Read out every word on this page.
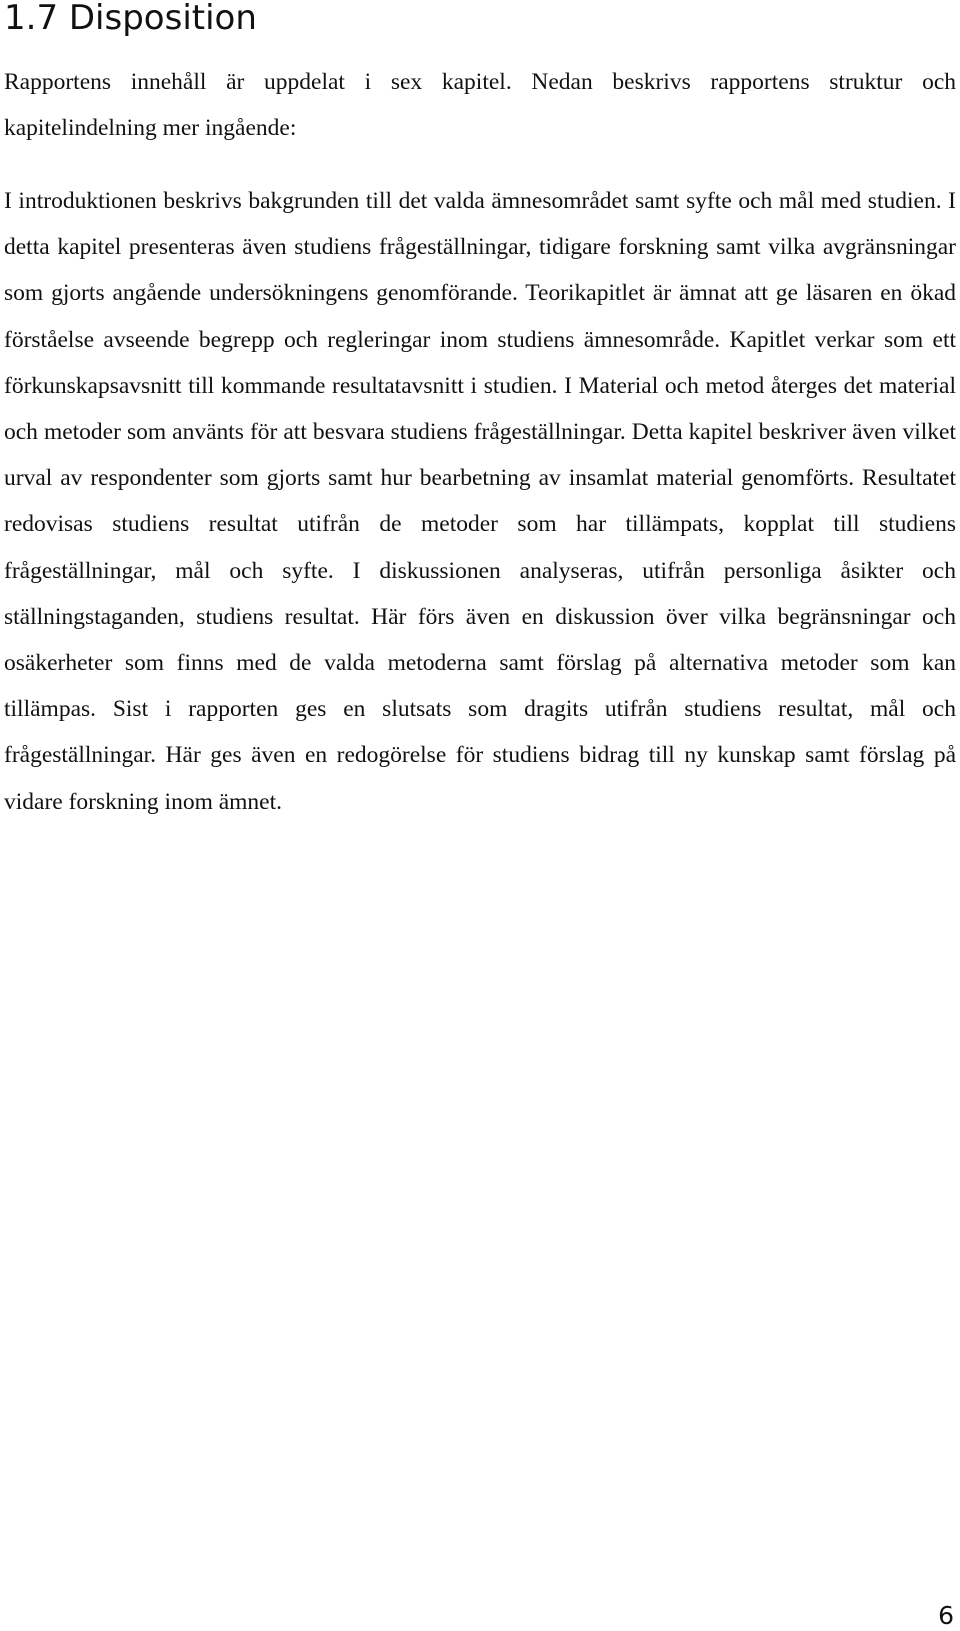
1.7 Disposition

Rapportens innehåll är uppdelat i sex kapitel. Nedan beskrivs rapportens struktur och kapitelindelning mer ingående:

I introduktionen beskrivs bakgrunden till det valda ämnesområdet samt syfte och mål med studien. I detta kapitel presenteras även studiens frågeställningar, tidigare forskning samt vilka avgränsningar som gjorts angående undersökningens genomförande. Teorikapitlet är ämnat att ge läsaren en ökad förståelse avseende begrepp och regleringar inom studiens ämnesområde. Kapitlet verkar som ett förkunskapsavsnitt till kommande resultatavsnitt i studien. I Material och metod återges det material och metoder som använts för att besvara studiens frågeställningar. Detta kapitel beskriver även vilket urval av respondenter som gjorts samt hur bearbetning av insamlat material genomförts. Resultatet redovisas studiens resultat utifrån de metoder som har tillämpats, kopplat till studiens frågeställningar, mål och syfte. I diskussionen analyseras, utifrån personliga åsikter och ställningstaganden, studiens resultat. Här förs även en diskussion över vilka begränsningar och osäkerheter som finns med de valda metoderna samt förslag på alternativa metoder som kan tillämpas. Sist i rapporten ges en slutsats som dragits utifrån studiens resultat, mål och frågeställningar. Här ges även en redogörelse för studiens bidrag till ny kunskap samt förslag på vidare forskning inom ämnet.

6
